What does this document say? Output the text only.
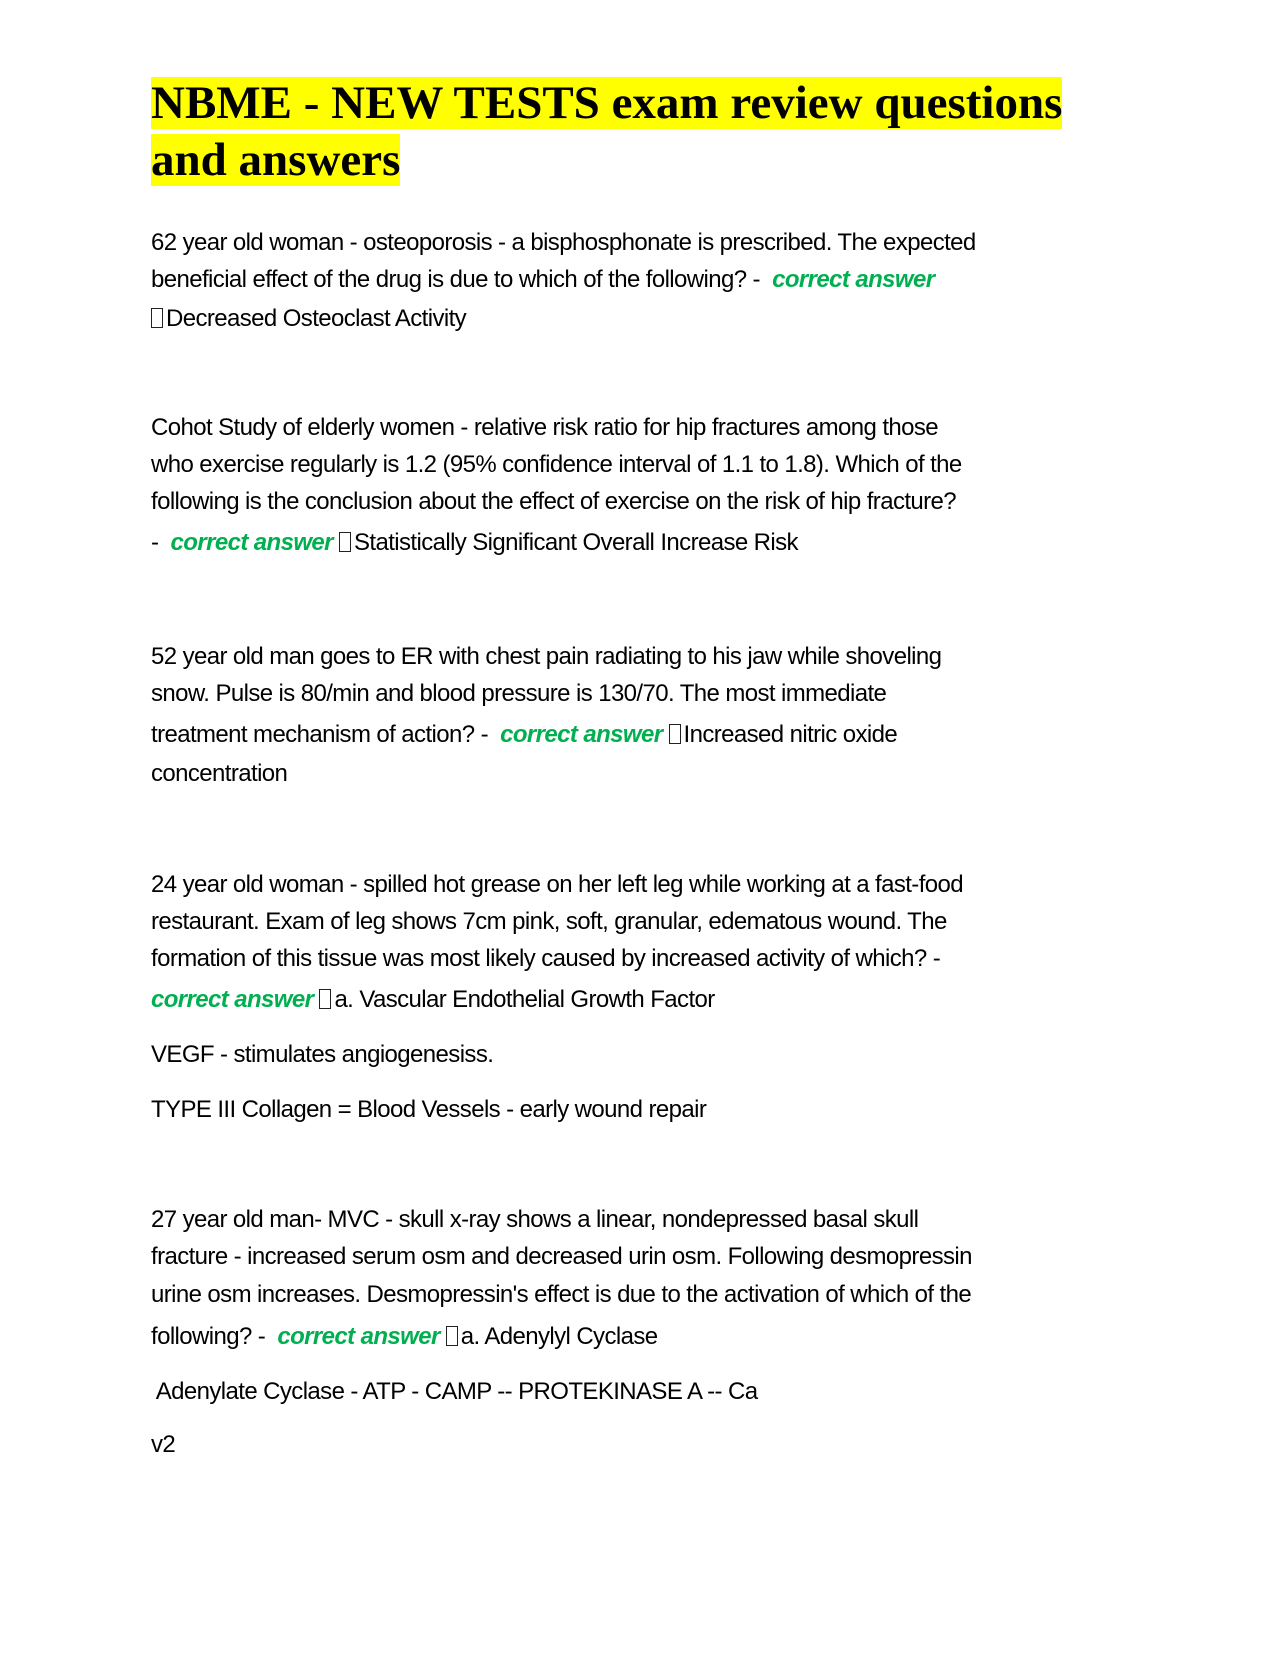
NBME - NEW TESTS exam review questions
and answers
62 year old woman - osteoporosis - a bisphosphonate is prescribed. The expected
beneficial effect of the drug is due to which of the following? -  correct answer
Decreased Osteoclast Activity
Cohot Study of elderly women - relative risk ratio for hip fractures among those
who exercise regularly is 1.2 (95% confidence interval of 1.1 to 1.8). Which of the
following is the conclusion about the effect of exercise on the risk of hip fracture?
-  correct answer Statistically Significant Overall Increase Risk
52 year old man goes to ER with chest pain radiating to his jaw while shoveling
snow. Pulse is 80/min and blood pressure is 130/70. The most immediate
treatment mechanism of action? -  correct answer Increased nitric oxide
concentration
24 year old woman - spilled hot grease on her left leg while working at a fast-food
restaurant. Exam of leg shows 7cm pink, soft, granular, edematous wound. The
formation of this tissue was most likely caused by increased activity of which? -
correct answer a. Vascular Endothelial Growth Factor
VEGF - stimulates angiogenesiss.
TYPE III Collagen = Blood Vessels - early wound repair
27 year old man- MVC - skull x-ray shows a linear, nondepressed basal skull
fracture - increased serum osm and decreased urin osm. Following desmopressin
urine osm increases. Desmopressin's effect is due to the activation of which of the
following? -  correct answer a. Adenylyl Cyclase
Adenylate Cyclase - ATP - CAMP -- PROTEKINASE A -- Ca
v2
